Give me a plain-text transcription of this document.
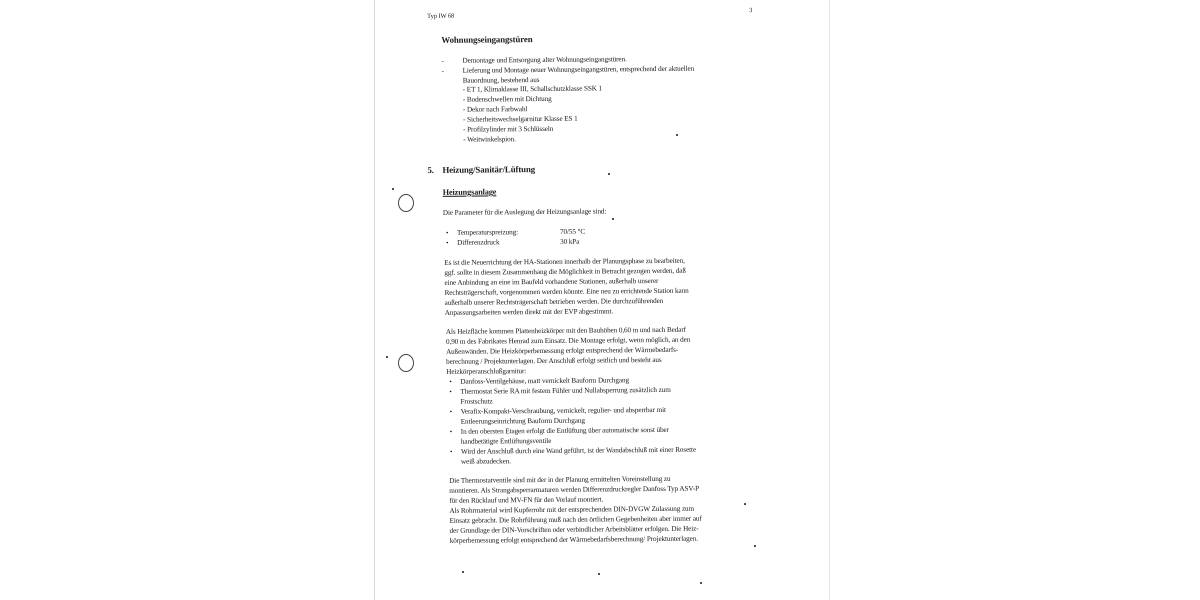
Typ IW 68
3
Wohnungseingangstüren
-	Demontage und Entsorgung alter Wohnungseingangstüren.
-	Lieferung und Montage neuer Wohnungseingangstüren, entsprechend der aktuellen
Bauordnung, bestehend aus
- ET 1, Klimaklasse III, Schallschutzklasse SSK 1
- Bodenschwellen mit Dichtung
- Dekor nach Farbwahl
- Sicherheitswechselgarnitur Klasse ES 1
- Profilzylinder mit 3 Schlüsseln
- Weitwinkelspion.
5. Heizung/Sanitär/Lüftung
Heizungsanlage
Die Parameter für die Auslegung der Heizungsanlage sind:
• Temperaturspreizung:	70/55 °C
• Differenzdruck	30 kPa
Es ist die Neuerrichtung der HA-Stationen innerhalb der Planungsphase zu bearbeiten,
ggf. sollte in diesem Zusammenhang die Möglichkeit in Betracht gezogen werden, daß
eine Anbindung an eine im Baufeld vorhandene Stationen, außerhalb unserer
Rechtsträgerschaft, vorgenommen werden könnte. Eine neu zu errichtende Station kann
außerhalb unserer Rechtsträgerschaft betrieben werden. Die durchzuführenden
Anpassungsarbeiten werden direkt mit der EVP abgestimmt.
Als Heizfläche kommen Plattenheizkörper mit den Bauhöhen 0,60 m und nach Bedarf
0,90 m des Fabrikates Henrad zum Einsatz. Die Montage erfolgt, wenn möglich, an den
Außenwänden. Die Heizkörperbemessung erfolgt entsprechend der Wärmebedarfs-
berechnung / Projektunterlagen. Der Anschluß erfolgt seitlich und besteht aus
Heizkörperanschlußgarnitur:
• Danfoss-Ventilgehäuse, matt vernickelt Bauform Durchgang
• Thermostat Serie RA mit festem Fühler und Nullabsperrung zusätzlich zum
Frostschutz
• Verafix-Kompakt-Verschraubung, vernickelt, regulier- und absperrbar mit
Entleerungseinrichtung Bauform Durchgang
• In den obersten Etagen erfolgt die Entlüftung über automatische sonst über
handbetätigte Entlüftungsventile
• Wird der Anschluß durch eine Wand geführt, ist der Wandabschluß mit einer Rosette
weiß abzudecken.
Die Thermostatventile sind mit der in der Planung ermittelten Voreinstellung zu
montieren. Als Strangabsperrarmaturen werden Differenzdruckregler Danfoss Typ ASV-P
für den Rücklauf und MV-FN für den Vorlauf montiert.
Als Rohrmaterial wird Kupferrohr mit der entsprechenden DIN-DVGW Zulassung zum
Einsatz gebracht. Die Rohrführung muß nach den örtlichen Gegebenheiten aber immer auf
der Grundlage der DIN-Vorschriften oder verbindlicher Arbeitsblätter erfolgen. Die Heiz-
körperbemessung erfolgt entsprechend der Wärmebedarfsberechnung/ Projektunterlagen.
